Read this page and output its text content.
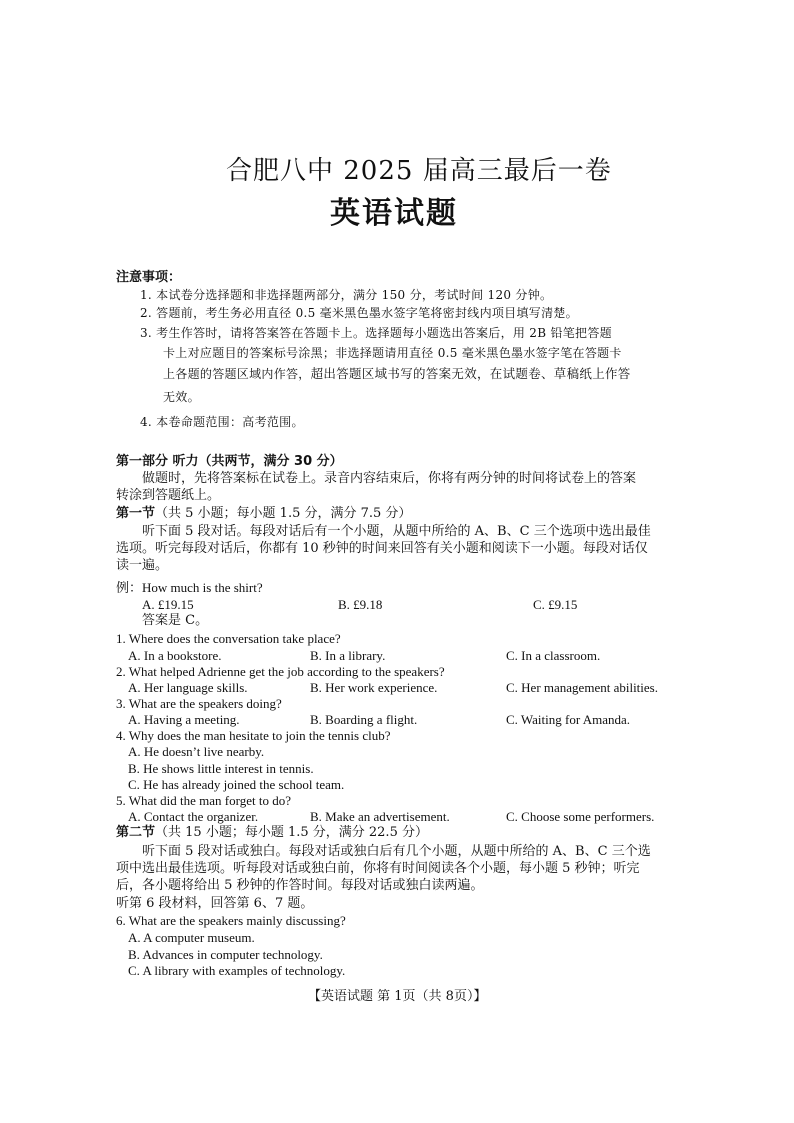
合肥八中 2025 届高三最后一卷
英语试题
注意事项：
1. 本试卷分选择题和非选择题两部分，满分 150 分，考试时间 120 分钟。
2. 答题前，考生务必用直径 0.5 毫米黑色墨水签字笔将密封线内项目填写清楚。
3. 考生作答时，请将答案答在答题卡上。选择题每小题选出答案后，用 2B 铅笔把答题
卡上对应题目的答案标号涂黑；非选择题请用直径 0.5 毫米黑色墨水签字笔在答题卡
上各题的答题区域内作答，超出答题区域书写的答案无效，在试题卷、草稿纸上作答
无效。
4. 本卷命题范围：高考范围。
第一部分 听力（共两节，满分 30 分）
做题时，先将答案标在试卷上。录音内容结束后，你将有两分钟的时间将试卷上的答案
转涂到答题纸上。
第一节（共 5 小题；每小题 1.5 分，满分 7.5 分）
听下面 5 段对话。每段对话后有一个小题，从题中所给的 A、B、C 三个选项中选出最佳
选项。听完每段对话后，你都有 10 秒钟的时间来回答有关小题和阅读下一小题。每段对话仅
读一遍。
例：How much is the shirt?
A. £19.15	B. £9.18	C. £9.15
答案是 C。
1. Where does the conversation take place?
A. In a bookstore.	B. In a library.	C. In a classroom.
2. What helped Adrienne get the job according to the speakers?
A. Her language skills.	B. Her work experience.	C. Her management abilities.
3. What are the speakers doing?
A. Having a meeting.	B. Boarding a flight.	C. Waiting for Amanda.
4. Why does the man hesitate to join the tennis club?
A. He doesn’t live nearby.
B. He shows little interest in tennis.
C. He has already joined the school team.
5. What did the man forget to do?
A. Contact the organizer.	B. Make an advertisement.	C. Choose some performers.
第二节（共 15 小题；每小题 1.5 分，满分 22.5 分）
听下面 5 段对话或独白。每段对话或独白后有几个小题，从题中所给的 A、B、C 三个选
项中选出最佳选项。听每段对话或独白前，你将有时间阅读各个小题，每小题 5 秒钟；听完
后，各小题将给出 5 秒钟的作答时间。每段对话或独白读两遍。
听第 6 段材料，回答第 6、7 题。
6. What are the speakers mainly discussing?
A. A computer museum.
B. Advances in computer technology.
C. A library with examples of technology.
【英语试题 第 1页（共 8页）】
